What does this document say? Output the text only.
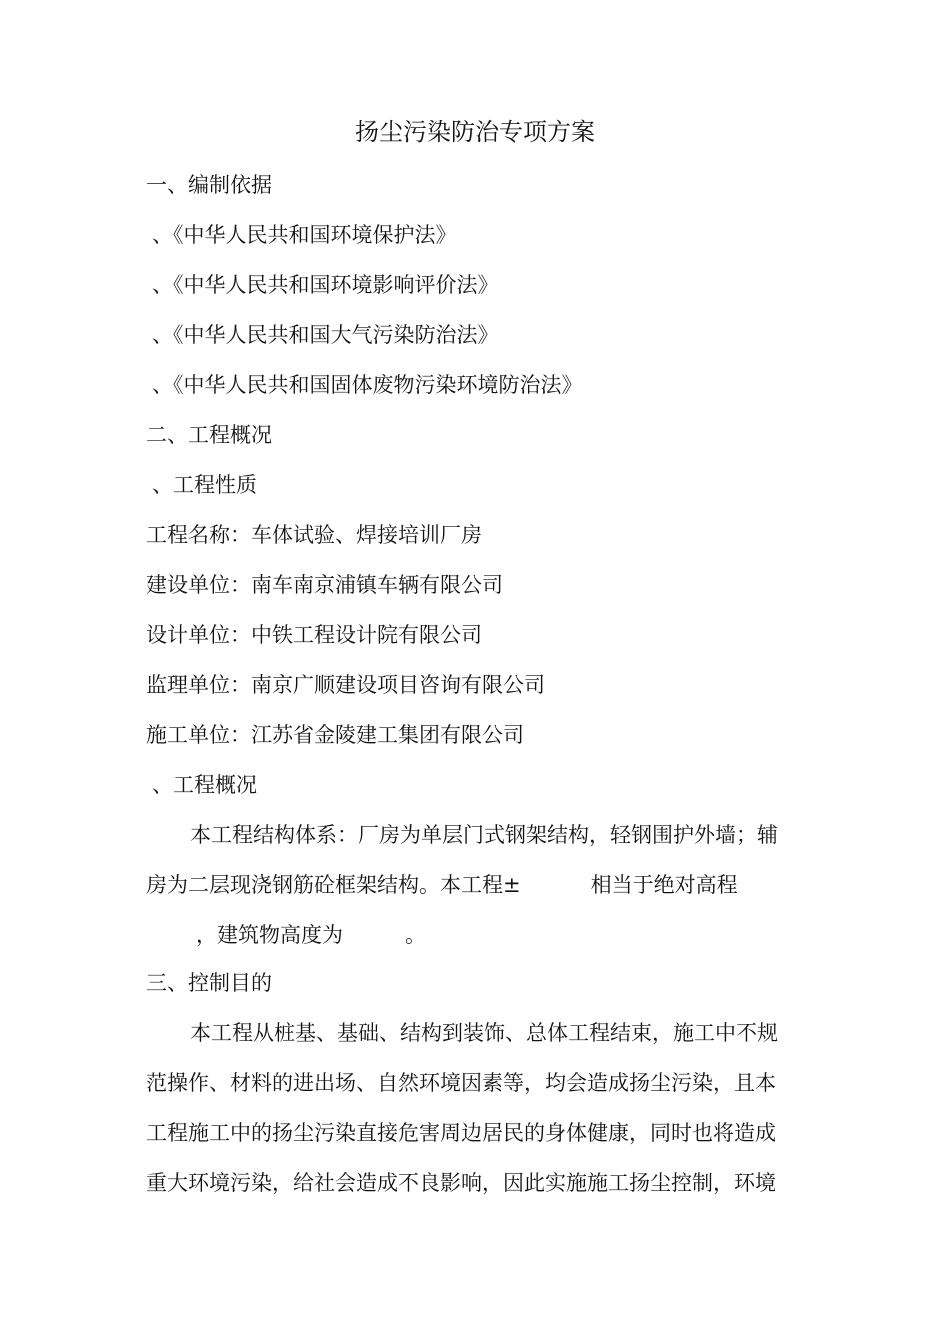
扬尘污染防治专项方案
一、编制依据
、《中华人民共和国环境保护法》
、《中华人民共和国环境影响评价法》
、《中华人民共和国大气污染防治法》
、《中华人民共和国固体废物污染环境防治法》
二、工程概况
、工程性质
工程名称：车体试验、焊接培训厂房
建设单位：南车南京浦镇车辆有限公司
设计单位：中铁工程设计院有限公司
监理单位：南京广顺建设项目咨询有限公司
施工单位：江苏省金陵建工集团有限公司
、工程概况
本工程结构体系：厂房为单层门式钢架结构，轻钢围护外墙；辅
房为二层现浇钢筋砼框架结构。本工程±	相当于绝对高程
，建筑物高度为	。
三、控制目的
本工程从桩基、基础、结构到装饰、总体工程结束，施工中不规
范操作、材料的进出场、自然环境因素等，均会造成扬尘污染，且本
工程施工中的扬尘污染直接危害周边居民的身体健康，同时也将造成
重大环境污染，给社会造成不良影响，因此实施施工扬尘控制，环境
